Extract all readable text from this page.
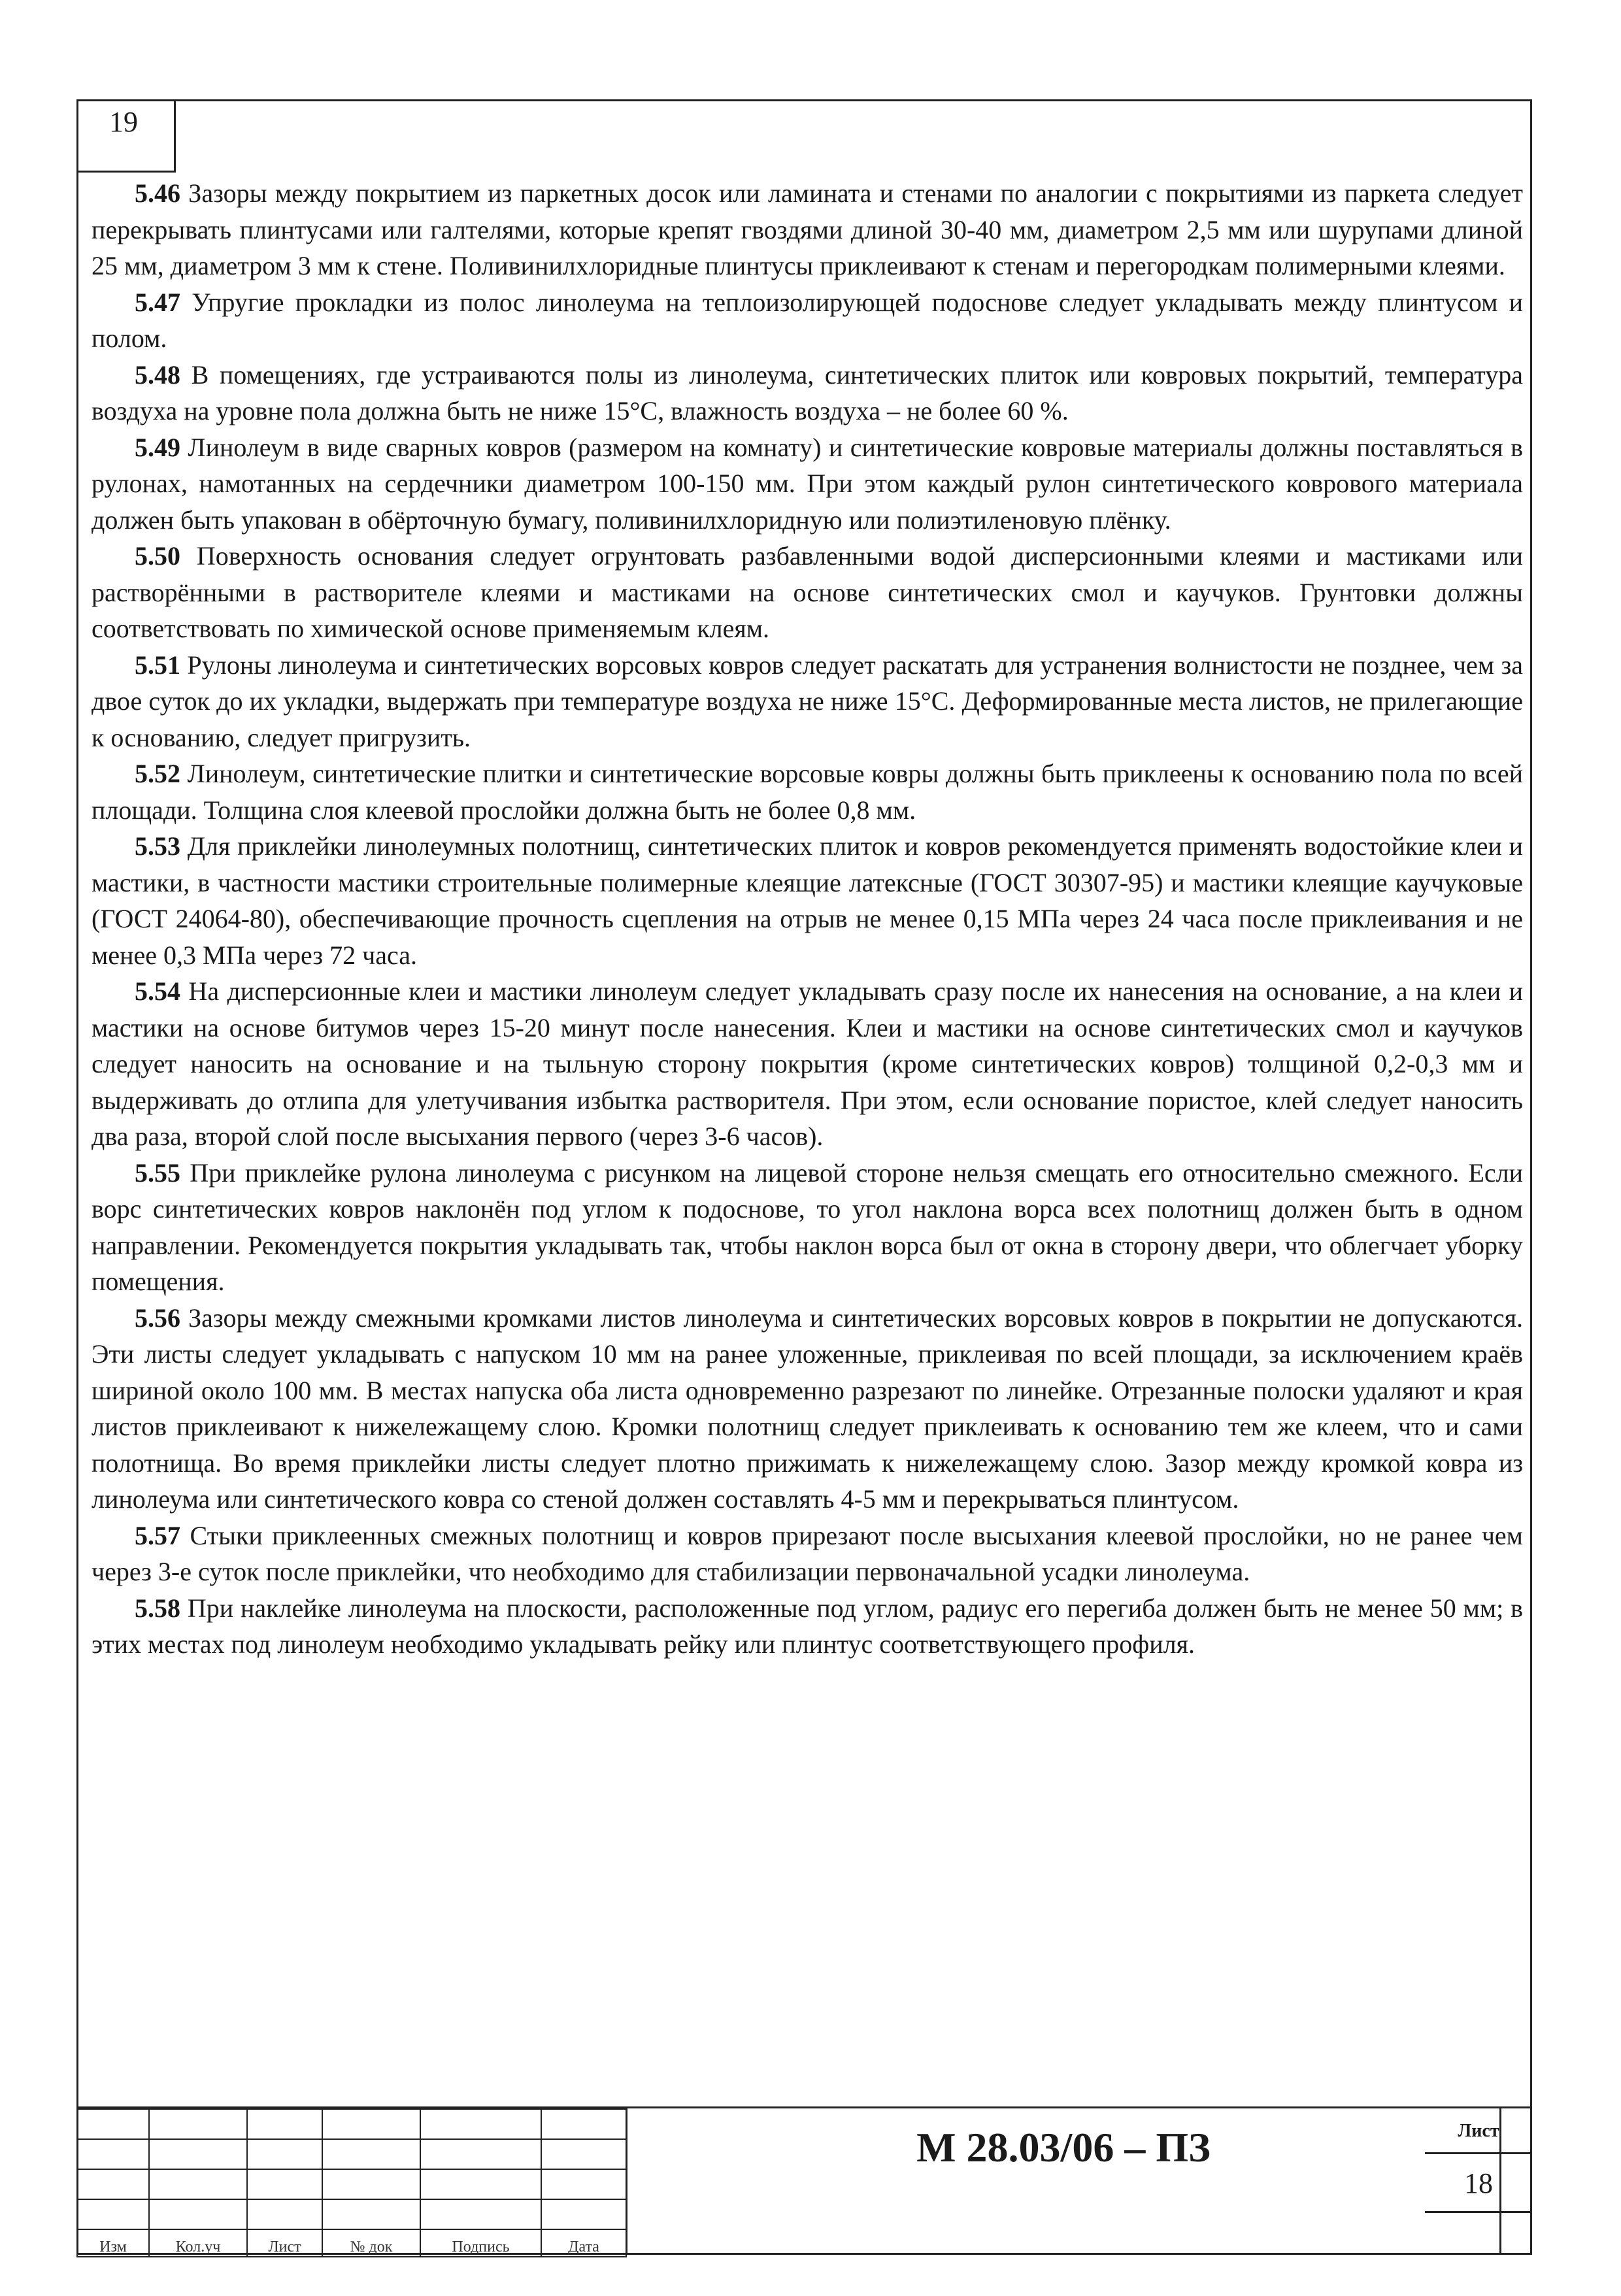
19

5.46 Зазоры между покрытием из паркетных досок или ламината и стенами по аналогии с покрытиями из паркета следует перекрывать плинтусами или галтелями, которые крепят гвоздями длиной 30-40 мм, диаметром 2,5 мм или шурупами длиной 25 мм, диаметром 3 мм к стене. Поливинилхлоридные плинтусы приклеивают к стенам и перегородкам полимерными клеями.

5.47 Упругие прокладки из полос линолеума на теплоизолирующей подоснове следует укладывать между плинтусом и полом.

5.48 В помещениях, где устраиваются полы из линолеума, синтетических плиток или ковровых покрытий, температура воздуха на уровне пола должна быть не ниже 15°С, влажность воздуха – не более 60 %.

5.49 Линолеум в виде сварных ковров (размером на комнату) и синтетические ковровые материалы должны поставляться в рулонах, намотанных на сердечники диаметром 100-150 мм. При этом каждый рулон синтетического коврового материала должен быть упакован в обёрточную бумагу, поливинилхлоридную или полиэтиленовую плёнку.

5.50 Поверхность основания следует огрунтовать разбавленными водой дисперсионными клеями и мастиками или растворёнными в растворителе клеями и мастиками на основе синтетических смол и каучуков. Грунтовки должны соответствовать по химической основе применяемым клеям.

5.51 Рулоны линолеума и синтетических ворсовых ковров следует раскатать для устранения волнистости не позднее, чем за двое суток до их укладки, выдержать при температуре воздуха не ниже 15°С. Деформированные места листов, не прилегающие к основанию, следует пригрузить.

5.52 Линолеум, синтетические плитки и синтетические ворсовые ковры должны быть приклеены к основанию пола по всей площади. Толщина слоя клеевой прослойки должна быть не более 0,8 мм.

5.53 Для приклейки линолеумных полотнищ, синтетических плиток и ковров рекомендуется применять водостойкие клеи и мастики, в частности мастики строительные полимерные клеящие латексные (ГОСТ 30307-95) и мастики клеящие каучуковые (ГОСТ 24064-80), обеспечивающие прочность сцепления на отрыв не менее 0,15 МПа через 24 часа после приклеивания и не менее 0,3 МПа через 72 часа.

5.54 На дисперсионные клеи и мастики линолеум следует укладывать сразу после их нанесения на основание, а на клеи и мастики на основе битумов через 15-20 минут после нанесения. Клеи и мастики на основе синтетических смол и каучуков следует наносить на основание и на тыльную сторону покрытия (кроме синтетических ковров) толщиной 0,2-0,3 мм и выдерживать до отлипа для улетучивания избытка растворителя. При этом, если основание пористое, клей следует наносить два раза, второй слой после высыхания первого (через 3-6 часов).

5.55 При приклейке рулона линолеума с рисунком на лицевой стороне нельзя смещать его относительно смежного. Если ворс синтетических ковров наклонён под углом к подоснове, то угол наклона ворса всех полотнищ должен быть в одном направлении. Рекомендуется покрытия укладывать так, чтобы наклон ворса был от окна в сторону двери, что облегчает уборку помещения.

5.56 Зазоры между смежными кромками листов линолеума и синтетических ворсовых ковров в покрытии не допускаются. Эти листы следует укладывать с напуском 10 мм на ранее уложенные, приклеивая по всей площади, за исключением краёв шириной около 100 мм. В местах напуска оба листа одновременно разрезают по линейке. Отрезанные полоски удаляют и края листов приклеивают к нижележащему слою. Кромки полотнищ следует приклеивать к основанию тем же клеем, что и сами полотнища. Во время приклейки листы следует плотно прижимать к нижележащему слою. Зазор между кромкой ковра из линолеума или синтетического ковра со стеной должен составлять 4-5 мм и перекрываться плинтусом.

5.57 Стыки приклеенных смежных полотнищ и ковров прирезают после высыхания клеевой прослойки, но не ранее чем через 3-е суток после приклейки, что необходимо для стабилизации первоначальной усадки линолеума.

5.58 При наклейке линолеума на плоскости, расположенные под углом, радиус его перегиба должен быть не менее 50 мм; в этих местах под линолеум необходимо укладывать рейку или плинтус соответствующего профиля.

Изм	Кол.уч	Лист	№ док	Подпись	Дата
М 28.03/06 – ПЗ	Лист
18
